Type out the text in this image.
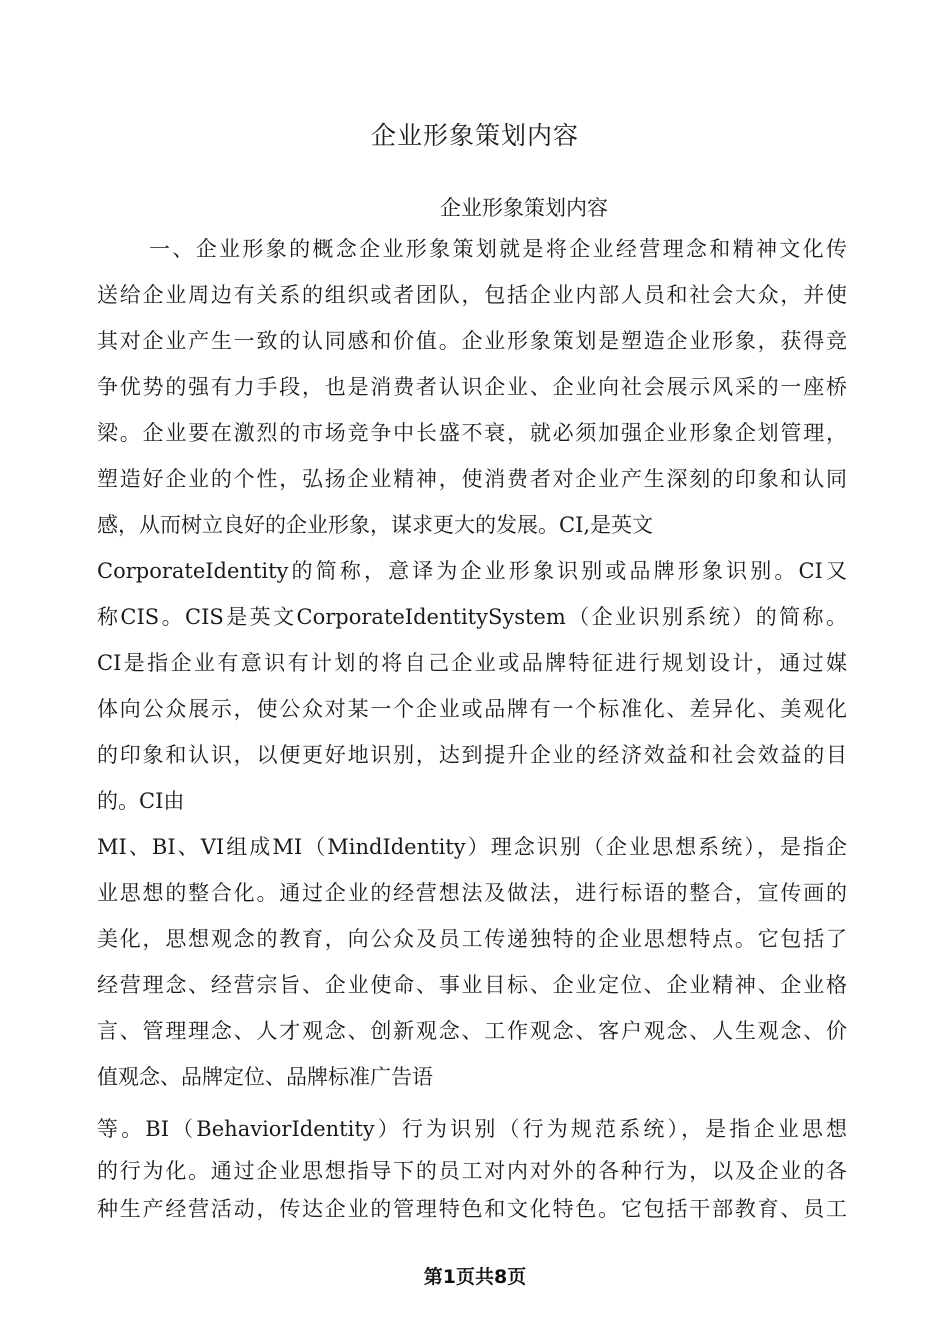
企业形象策划内容
企业形象策划内容
一、企业形象的概念企业形象策划就是将企业经营理念和精神文化传
送给企业周边有关系的组织或者团队，包括企业内部人员和社会大众，并使
其对企业产生一致的认同感和价值。企业形象策划是塑造企业形象，获得竞
争优势的强有力手段，也是消费者认识企业、企业向社会展示风采的一座桥
梁。企业要在激烈的市场竞争中长盛不衰，就必须加强企业形象企划管理，
塑造好企业的个性，弘扬企业精神，使消费者对企业产生深刻的印象和认同
感，从而树立良好的企业形象，谋求更大的发展。CI,是英文
CorporateIdentity的简称，意译为企业形象识别或品牌形象识别。CI又
称CIS。CIS是英文CorporateIdentitySystem（企业识别系统）的简称。
CI是指企业有意识有计划的将自己企业或品牌特征进行规划设计，通过媒
体向公众展示，使公众对某一个企业或品牌有一个标准化、差异化、美观化
的印象和认识，以便更好地识别，达到提升企业的经济效益和社会效益的目
的。CI由
MI、BI、VI组成MI（MindIdentity）理念识别（企业思想系统），是指企
业思想的整合化。通过企业的经营想法及做法，进行标语的整合，宣传画的
美化，思想观念的教育，向公众及员工传递独特的企业思想特点。它包括了
经营理念、经营宗旨、企业使命、事业目标、企业定位、企业精神、企业格
言、管理理念、人才观念、创新观念、工作观念、客户观念、人生观念、价
值观念、品牌定位、品牌标准广告语
等。BI（BehaviorIdentity）行为识别（行为规范系统），是指企业思想
的行为化。通过企业思想指导下的员工对内对外的各种行为，以及企业的各
种生产经营活动，传达企业的管理特色和文化特色。它包括干部教育、员工
第1页共8页
